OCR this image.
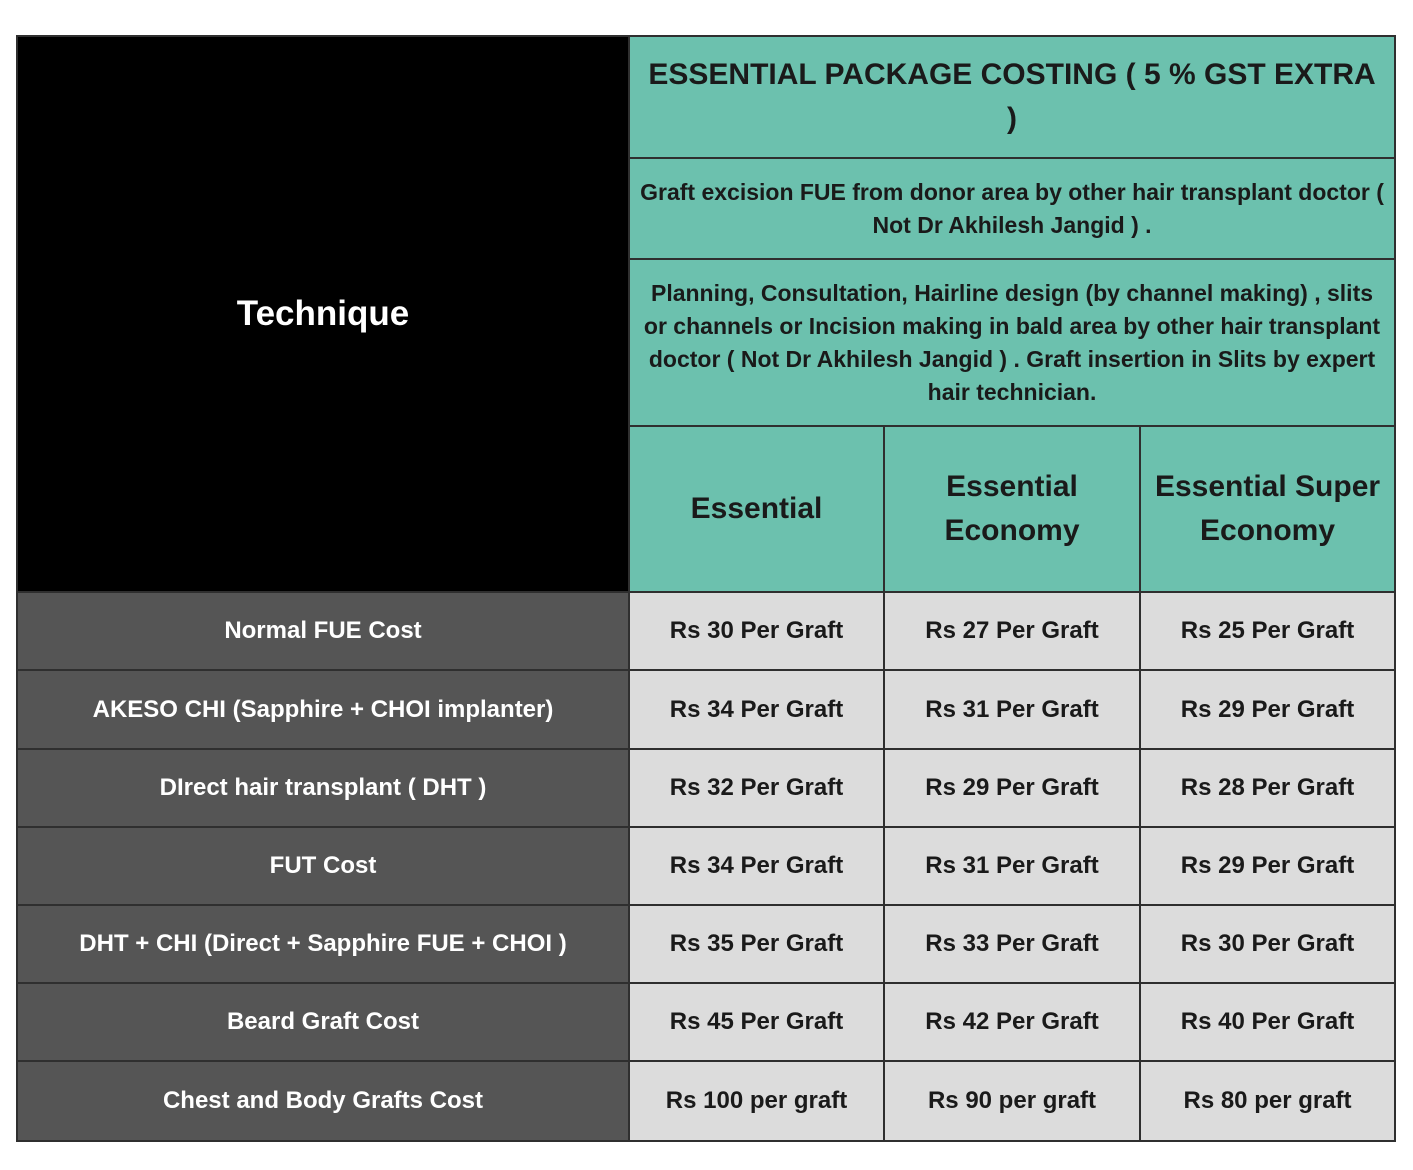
Technique	ESSENTIAL PACKAGE COSTING ( 5 % GST EXTRA )		
	Graft excision FUE from donor area by other hair transplant doctor ( Not Dr Akhilesh Jangid ) .		
	Planning, Consultation, Hairline design (by channel making) , slits or channels or Incision making in bald area by other hair transplant doctor ( Not Dr Akhilesh Jangid ) . Graft insertion in Slits by expert hair technician.		
	Essential	Essential Economy	Essential Super Economy
Normal FUE Cost	Rs 30 Per Graft	Rs 27 Per Graft	Rs 25 Per Graft
AKESO CHI (Sapphire + CHOI implanter)	Rs 34 Per Graft	Rs 31 Per Graft	Rs 29 Per Graft
DIrect hair transplant ( DHT )	Rs 32 Per Graft	Rs 29 Per Graft	Rs 28 Per Graft
FUT Cost	Rs 34 Per Graft	Rs 31 Per Graft	Rs 29 Per Graft
DHT + CHI (Direct + Sapphire FUE + CHOI )	Rs 35 Per Graft	Rs 33 Per Graft	Rs 30 Per Graft
Beard Graft Cost	Rs 45 Per Graft	Rs 42 Per Graft	Rs 40 Per Graft
Chest and Body Grafts Cost	Rs 100 per graft	Rs 90 per graft	Rs 80 per graft
